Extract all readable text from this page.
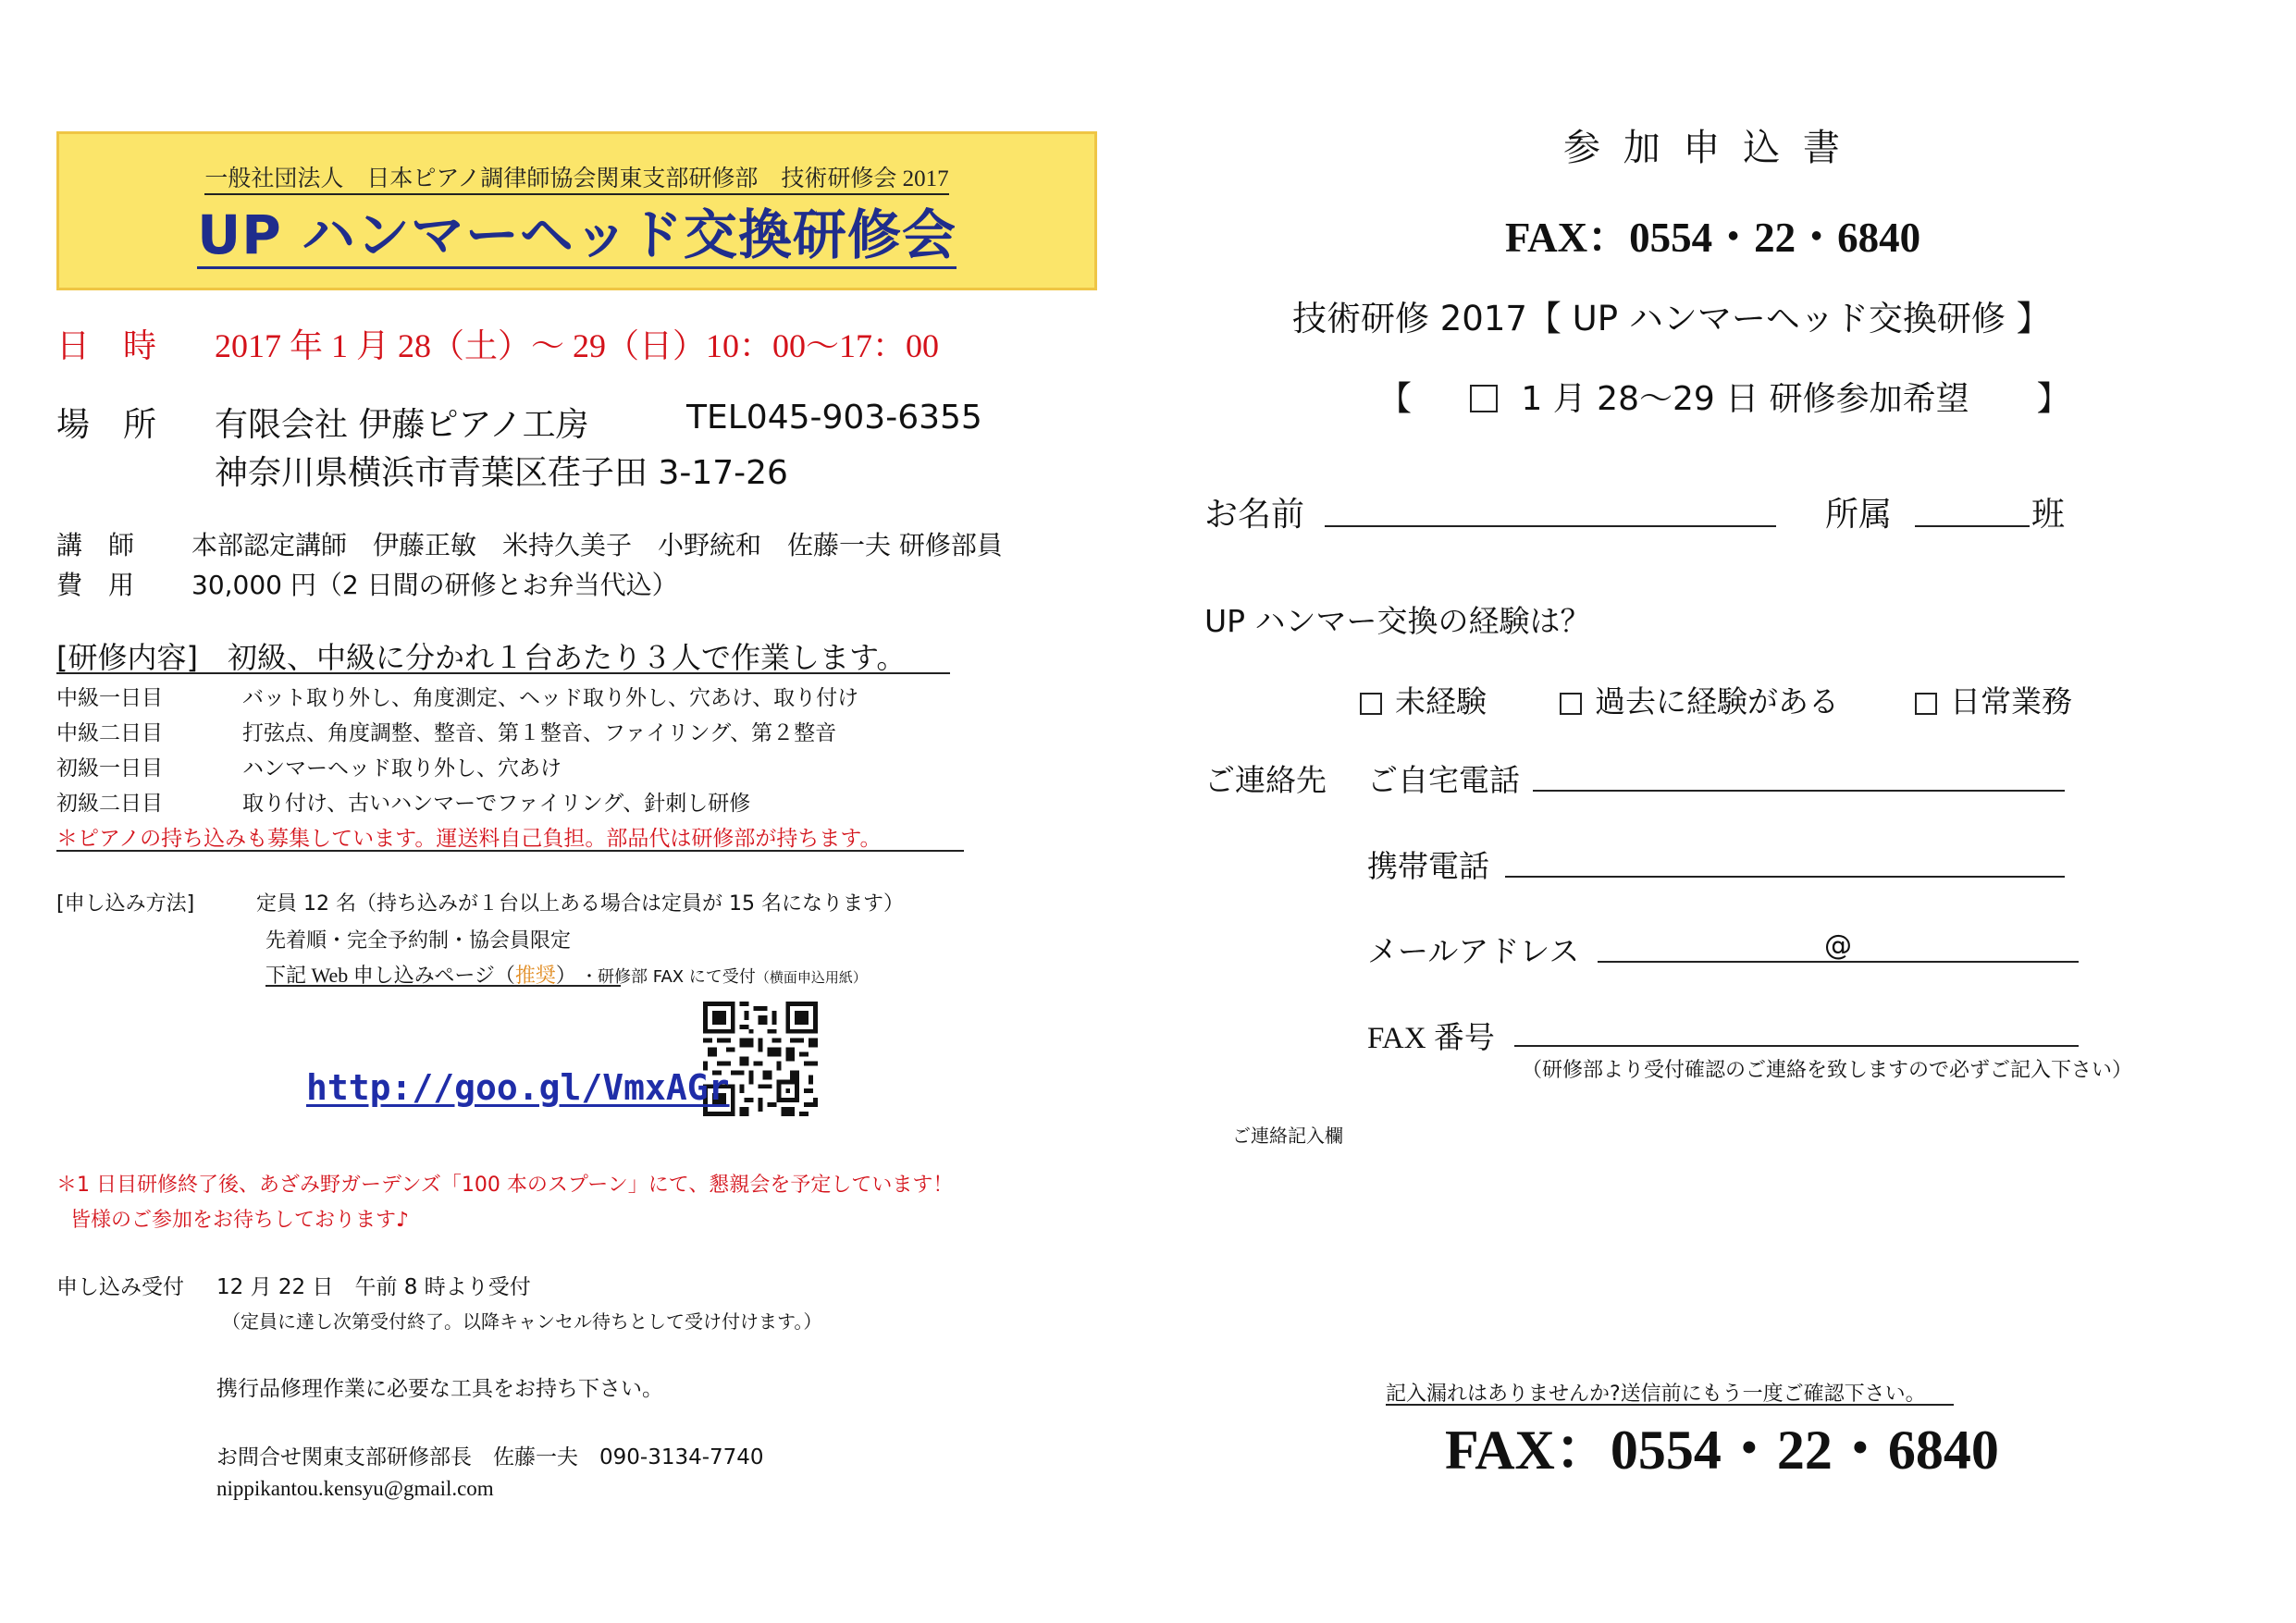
一般社団法人　日本ピアノ調律師協会関東支部研修部　技術研修会 2017
UP ハンマーヘッド交換研修会
日　時 2017 年 1 月 28（土）～ 29（日）10：00～17：00
場　所 有限会社 伊藤ピアノ工房	TEL045-903-6355
神奈川県横浜市青葉区荏子田 3-17-26
講　師 本部認定講師　伊藤正敏　米持久美子　小野統和　佐藤一夫 研修部員
費　用 30,000 円（2 日間の研修とお弁当代込）
[研修内容]　初級、中級に分かれ１台あたり３人で作業します。
中級一日目	バット取り外し、角度測定、ヘッド取り外し、穴あけ、取り付け
中級二日目	打弦点、角度調整、整音、第１整音、ファイリング、第２整音
初級一日目	ハンマーヘッド取り外し、穴あけ
初級二日目	取り付け、古いハンマーでファイリング、針刺し研修
＊ピアノの持ち込みも募集しています。運送料自己負担。部品代は研修部が持ちます。
[申し込み方法]	定員 12 名（持ち込みが１台以上ある場合は定員が 15 名になります）
先着順・完全予約制・協会員限定
下記 Web 申し込みページ（推奨） ・研修部 FAX にて受付（横面申込用紙）
http://goo.gl/VmxAGr
＊1 日目研修終了後、あざみ野ガーデンズ「100 本のスプーン」にて、懇親会を予定しています！
皆様のご参加をお待ちしております♪
申し込み受付 12 月 22 日　午前 8 時より受付
（定員に達し次第受付終了。以降キャンセル待ちとして受け付けます。）
携行品修理作業に必要な工具をお持ち下さい。
お問合せ関東支部研修部長　佐藤一夫　090-3134-7740
nippikantou.kensyu@gmail.com
参 加 申 込 書
FAX：0554・22・6840
技術研修 2017【 UP ハンマーヘッド交換研修 】
【	1 月 28～29 日 研修参加希望 】
お名前	所属	班
UP ハンマー交換の経験は？
未経験	過去に経験がある	日常業務
ご連絡先 ご自宅電話
携帯電話
メールアドレス	@
FAX 番号
（研修部より受付確認のご連絡を致しますので必ずご記入下さい）
ご連絡記入欄
記入漏れはありませんか?送信前にもう一度ご確認下さい。
FAX：0554・22・6840
